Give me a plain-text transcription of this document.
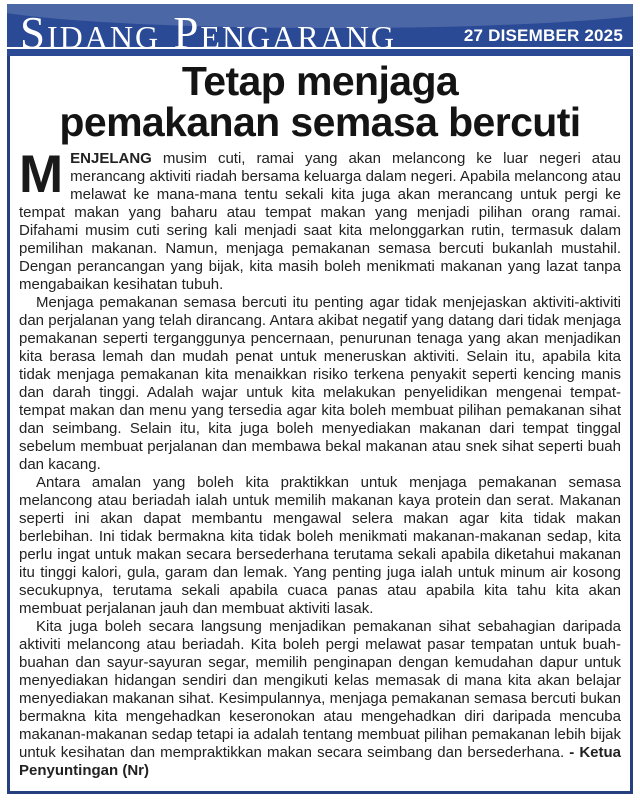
Sidang Pengarang	27 DISEMBER 2025
Tetap menjaga
pemakanan semasa bercuti

MENJELANG musim cuti, ramai yang akan melancong ke luar negeri atau merancang aktiviti riadah bersama keluarga dalam negeri. Apabila melancong atau melawat ke mana-mana tentu sekali kita juga akan merancang untuk pergi ke tempat makan yang baharu atau tempat makan yang menjadi pilihan orang ramai. Difahami musim cuti sering kali menjadi saat kita melonggarkan rutin, termasuk dalam pemilihan makanan. Namun, menjaga pemakanan semasa bercuti bukanlah mustahil. Dengan perancangan yang bijak, kita masih boleh menikmati makanan yang lazat tanpa mengabaikan kesihatan tubuh.

Menjaga pemakanan semasa bercuti itu penting agar tidak menjejaskan aktiviti-aktiviti dan perjalanan yang telah dirancang. Antara akibat negatif yang datang dari tidak menjaga pemakanan seperti terganggunya pencernaan, penurunan tenaga yang akan menjadikan kita berasa lemah dan mudah penat untuk meneruskan aktiviti. Selain itu, apabila kita tidak menjaga pemakanan kita menaikkan risiko terkena penyakit seperti kencing manis dan darah tinggi. Adalah wajar untuk kita melakukan penyelidikan mengenai tempat-tempat makan dan menu yang tersedia agar kita boleh membuat pilihan pemakanan sihat dan seimbang. Selain itu, kita juga boleh menyediakan makanan dari tempat tinggal sebelum membuat perjalanan dan membawa bekal makanan atau snek sihat seperti buah dan kacang.

Antara amalan yang boleh kita praktikkan untuk menjaga pemakanan semasa melancong atau beriadah ialah untuk memilih makanan kaya protein dan serat. Makanan seperti ini akan dapat membantu mengawal selera makan agar kita tidak makan berlebihan. Ini tidak bermakna kita tidak boleh menikmati makanan-makanan sedap, kita perlu ingat untuk makan secara bersederhana terutama sekali apabila diketahui makanan itu tinggi kalori, gula, garam dan lemak. Yang penting juga ialah untuk minum air kosong secukupnya, terutama sekali apabila cuaca panas atau apabila kita tahu kita akan membuat perjalanan jauh dan membuat aktiviti lasak.

Kita juga boleh secara langsung menjadikan pemakanan sihat sebahagian daripada aktiviti melancong atau beriadah. Kita boleh pergi melawat pasar tempatan untuk buah-buahan dan sayur-sayuran segar, memilih penginapan dengan kemudahan dapur untuk menyediakan hidangan sendiri dan mengikuti kelas memasak di mana kita akan belajar menyediakan makanan sihat. Kesimpulannya, menjaga pemakanan semasa bercuti bukan bermakna kita mengehadkan keseronokan atau mengehadkan diri daripada mencuba makanan-makanan sedap tetapi ia adalah tentang membuat pilihan pemakanan lebih bijak untuk kesihatan dan mempraktikkan makan secara seimbang dan bersederhana. - Ketua Penyuntingan (Nr)
